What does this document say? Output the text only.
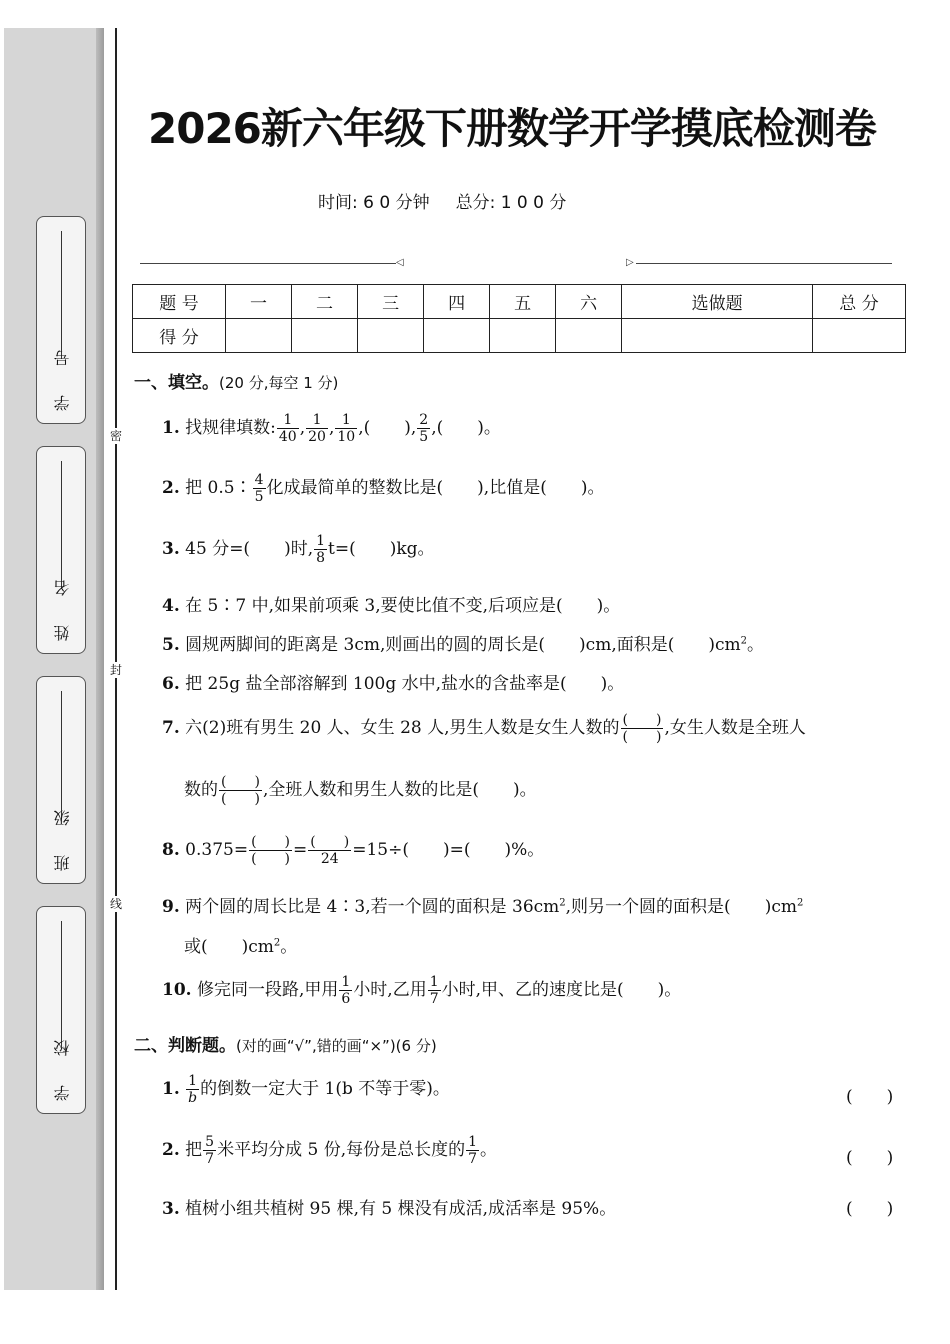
密
封
线
学 号
姓 名
班 级
学 校
2026新六年级下册数学开学摸底检测卷
时间: 6 0 分钟 总分: 1 0 0 分
◁	▷
题 号	一	二	三	四	五	六	选做题	总 分
得 分								
一、填空。(20 分,每空 1 分)
1. 找规律填数: $\frac{1}{40}$ , $\frac{1}{20}$ , $\frac{1}{10}$ ,(　　), $\frac{2}{5}$ ,(　　)。
2. 把 0.5∶ $\frac{4}{5}$ 化成最简单的整数比是(　　),比值是(　　)。
3. 45 分=(　　)时, $\frac{1}{8} t=$(　　)kg。
4. 在 5∶7 中,如果前项乘 3,要使比值不变,后项应是(　　)。
5. 圆规两脚间的距离是 3cm,则画出的圆的周长是(　　)cm,面积是(　　)$cm^2$。
6. 把 25g 盐全部溶解到 100g 水中,盐水的含盐率是(　　)。
7. 六(2)班有男生 20 人、女生 28 人,男生人数是女生人数的 $\frac{( )}{( )}$ ,女生人数是全班人
数的 $\frac{( )}{( )}$ ,全班人数和男生人数的比是(　　)。
8. $0.375= \frac{( )}{( )} = \frac{( )}{24} =15\div$(　　)=(　　)%。
9. 两个圆的周长比是 4∶3,若一个圆的面积是 $36cm^2$,则另一个圆的面积是(　　)$cm^2$
或(　　)$cm^2$。
10. 修完同一段路,甲用 $\frac{1}{6}$ 小时,乙用 $\frac{1}{7}$ 小时,甲、乙的速度比是(　　)。
二、判断题。(对的画“√”,错的画“×”)(6 分)
1. $\frac{1}{b}$ 的倒数一定大于 1(b 不等于零)。	(　　)
2. 把 $\frac{5}{7}$ 米平均分成 5 份,每份是总长度的 $\frac{1}{7}$ 。	(　　)
3. 植树小组共植树 95 棵,有 5 棵没有成活,成活率是 95%。	(　　)
